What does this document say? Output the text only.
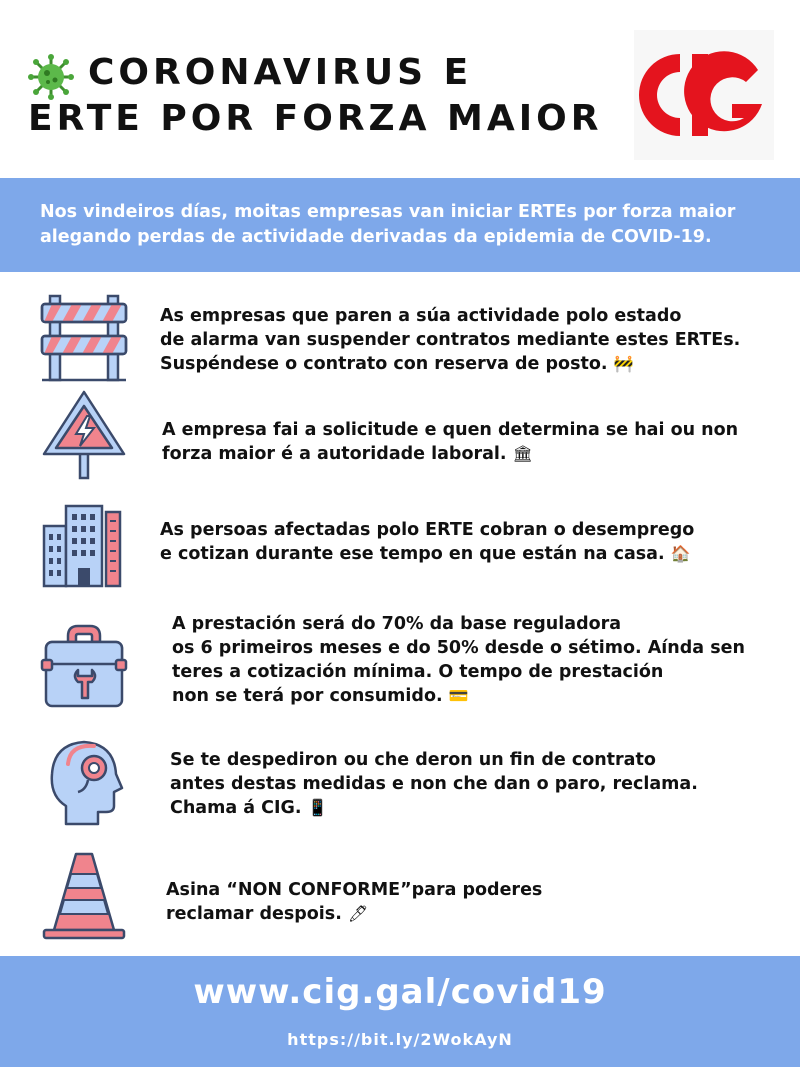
CORONAVIRUS E
ERTE POR FORZA MAIOR

Nos vindeiros días, moitas empresas van iniciar ERTEs por forza maior alegando perdas de actividade derivadas da epidemia de COVID-19.

As empresas que paren a súa actividade polo estado
de alarma van suspender contratos mediante estes ERTEs.
Suspéndese o contrato con reserva de posto. 🚧
A empresa fai a solicitude e quen determina se hai ou non
forza maior é a autoridade laboral. 🏛
As persoas afectadas polo ERTE cobran o desemprego
e cotizan durante ese tempo en que están na casa. 🏠
A prestación será do 70% da base reguladora
os 6 primeiros meses e do 50% desde o sétimo. Aínda sen
teres a cotización mínima. O tempo de prestación
non se terá por consumido. 💳
Se te despediron ou che deron un fin de contrato
antes destas medidas e non che dan o paro, reclama.
Chama á CIG. 📱
Asina “NON CONFORME”para poderes
reclamar despois. 🖊
www.cig.gal/covid19
https://bit.ly/2WokAyN
